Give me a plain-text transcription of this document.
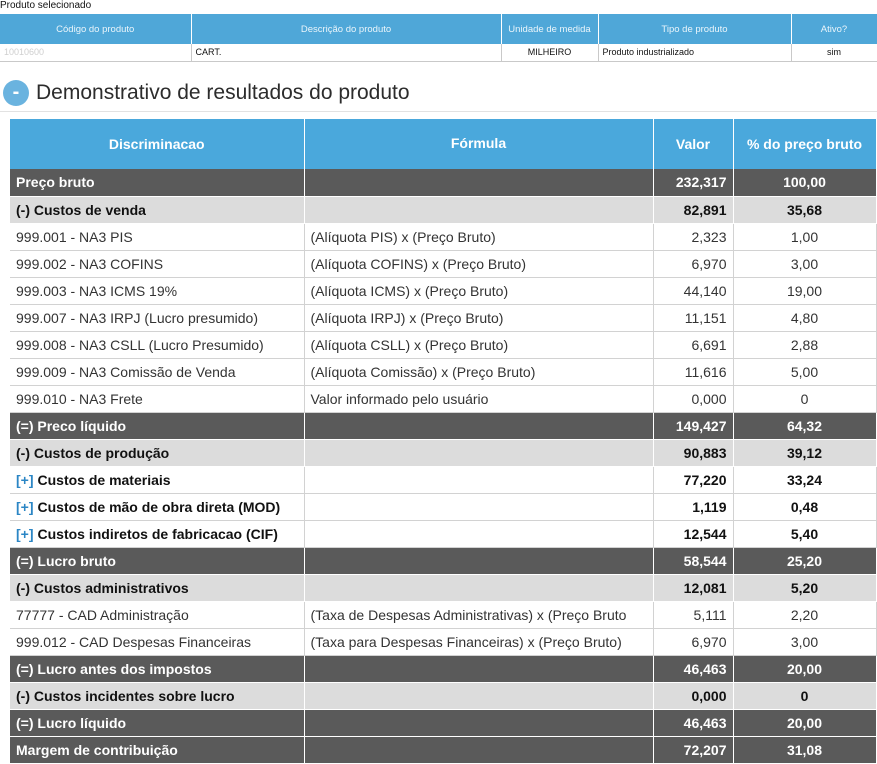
Produto selecionado
Código do produto	Descrição do produto	Unidade de medida	Tipo de produto	Ativo?
10010600	CART.	MILHEIRO	Produto industrializado	sim
- Demonstrativo de resultados do produto
Discriminacao	Fórmula	Valor	% do preço bruto
Preço bruto		232,317	100,00
(-) Custos de venda		82,891	35,68
999.001 - NA3 PIS	(Alíquota PIS) x (Preço Bruto)	2,323	1,00
999.002 - NA3 COFINS	(Alíquota COFINS) x (Preço Bruto)	6,970	3,00
999.003 - NA3 ICMS 19%	(Alíquota ICMS) x (Preço Bruto)	44,140	19,00
999.007 - NA3 IRPJ (Lucro presumido)	(Alíquota IRPJ) x (Preço Bruto)	11,151	4,80
999.008 - NA3 CSLL (Lucro Presumido)	(Alíquota CSLL) x (Preço Bruto)	6,691	2,88
999.009 - NA3 Comissão de Venda	(Alíquota Comissão) x (Preço Bruto)	11,616	5,00
999.010 - NA3 Frete	Valor informado pelo usuário	0,000	0
(=) Preco líquido		149,427	64,32
(-) Custos de produção		90,883	39,12
[+] Custos de materiais		77,220	33,24
[+] Custos de mão de obra direta (MOD)		1,119	0,48
[+] Custos indiretos de fabricacao (CIF)		12,544	5,40
(=) Lucro bruto		58,544	25,20
(-) Custos administrativos		12,081	5,20
77777 - CAD Administração	(Taxa de Despesas Administrativas) x (Preço Bruto	5,111	2,20
999.012 - CAD Despesas Financeiras	(Taxa para Despesas Financeiras) x (Preço Bruto)	6,970	3,00
(=) Lucro antes dos impostos		46,463	20,00
(-) Custos incidentes sobre lucro		0,000	0
(=) Lucro líquido		46,463	20,00
Margem de contribuição		72,207	31,08
